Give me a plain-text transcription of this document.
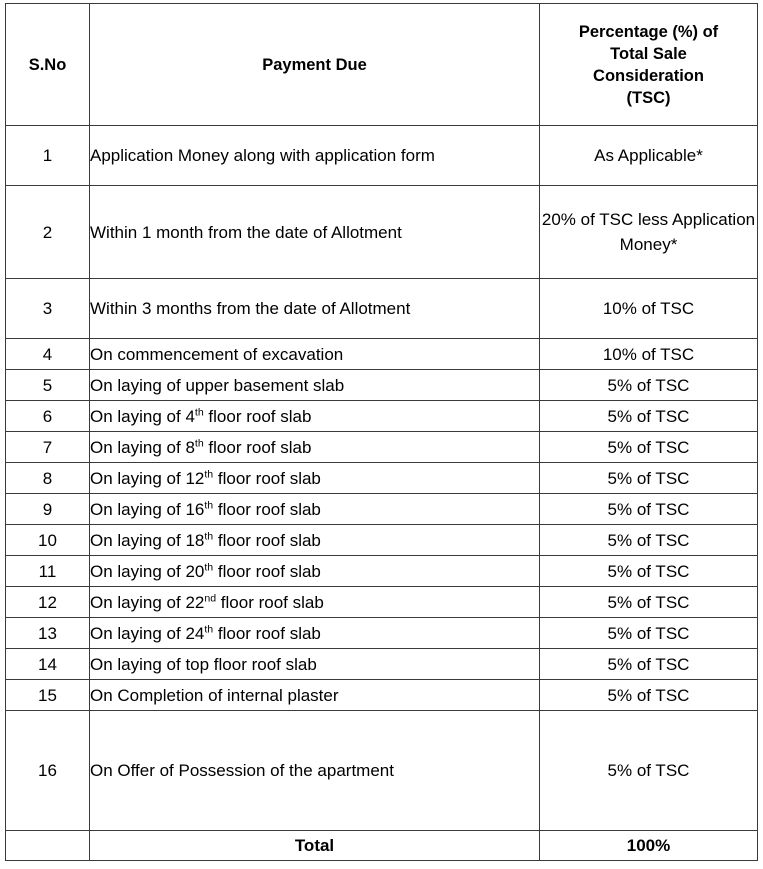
S.No	Payment Due	Percentage (%) of
Total Sale
Consideration
(TSC)

1	Application Money along with application form	As Applicable*
2	Within 1 month from the date of Allotment	20% of TSC less Application Money*
3	Within 3 months from the date of Allotment	10% of TSC
4	On commencement of excavation	10% of TSC
5	On laying of upper basement slab	5% of TSC
6	On laying of 4th floor roof slab	5% of TSC
7	On laying of 8th floor roof slab	5% of TSC
8	On laying of 12th floor roof slab	5% of TSC
9	On laying of 16th floor roof slab	5% of TSC
10	On laying of 18th floor roof slab	5% of TSC
11	On laying of 20th floor roof slab	5% of TSC
12	On laying of 22nd floor roof slab	5% of TSC
13	On laying of 24th floor roof slab	5% of TSC
14	On laying of top floor roof slab	5% of TSC
15	On Completion of internal plaster	5% of TSC
16	On Offer of Possession of the apartment	5% of TSC
	Total	100%
